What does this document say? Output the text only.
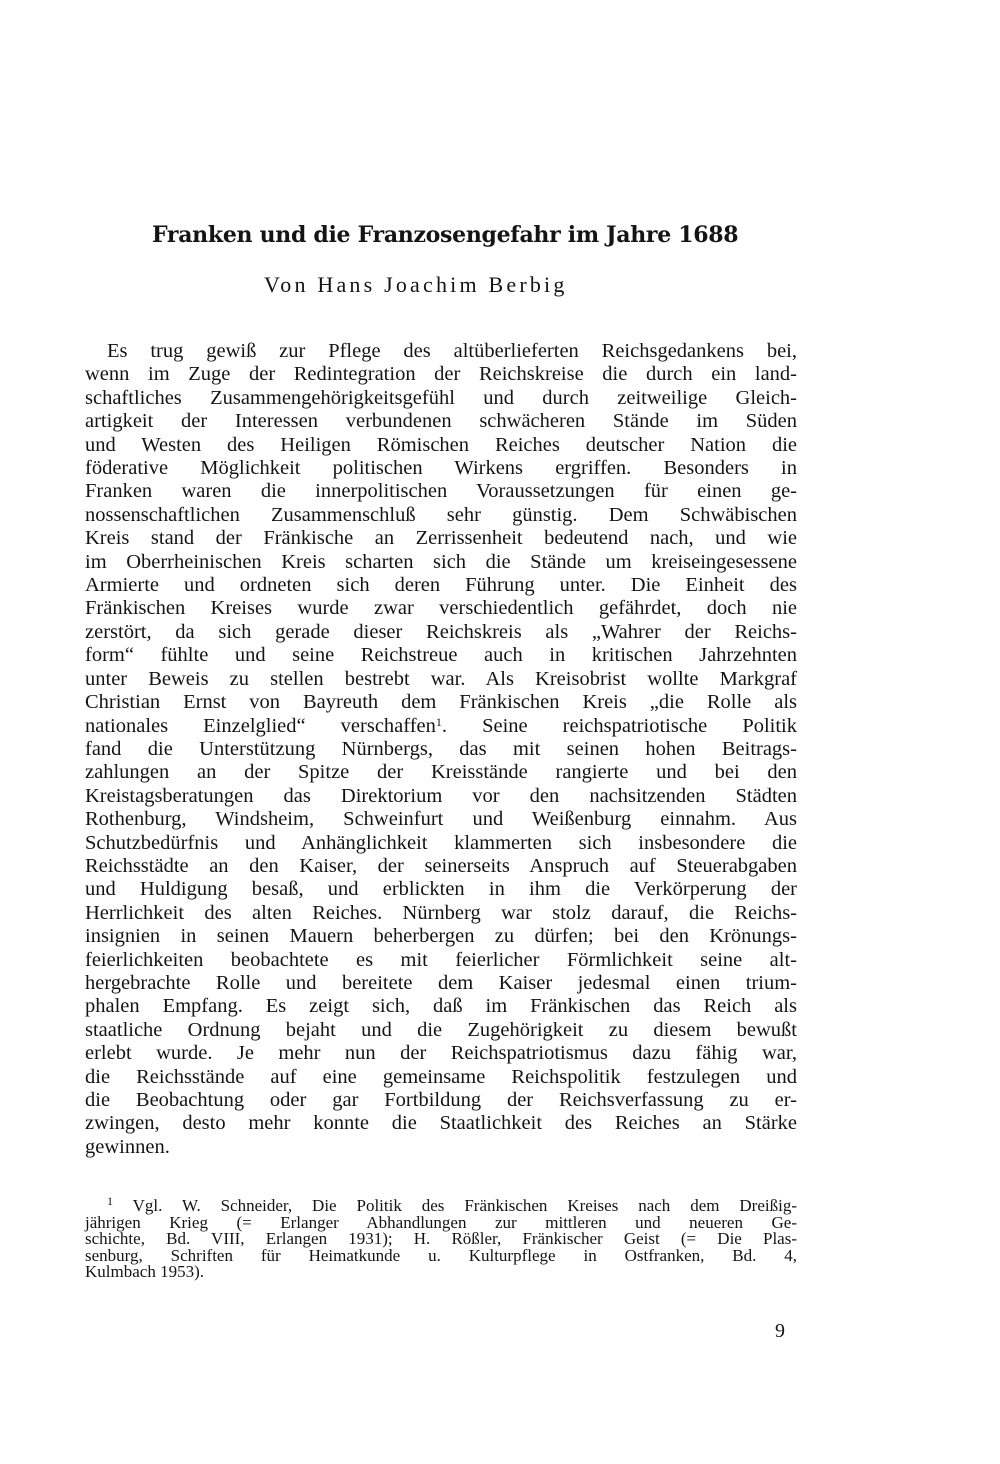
Franken und die Franzosengefahr im Jahre 1688

Von Hans Joachim Berbig

Es trug gewiß zur Pflege des altüberlieferten Reichsgedankens bei,
wenn im Zuge der Redintegration der Reichskreise die durch ein land-
schaftliches Zusammengehörigkeitsgefühl und durch zeitweilige Gleich-
artigkeit der Interessen verbundenen schwächeren Stände im Süden
und Westen des Heiligen Römischen Reiches deutscher Nation die
föderative Möglichkeit politischen Wirkens ergriffen. Besonders in
Franken waren die innerpolitischen Voraussetzungen für einen ge-
nossenschaftlichen Zusammenschluß sehr günstig. Dem Schwäbischen
Kreis stand der Fränkische an Zerrissenheit bedeutend nach, und wie
im Oberrheinischen Kreis scharten sich die Stände um kreiseingesessene
Armierte und ordneten sich deren Führung unter. Die Einheit des
Fränkischen Kreises wurde zwar verschiedentlich gefährdet, doch nie
zerstört, da sich gerade dieser Reichskreis als „Wahrer der Reichs-
form“ fühlte und seine Reichstreue auch in kritischen Jahrzehnten
unter Beweis zu stellen bestrebt war. Als Kreisobrist wollte Markgraf
Christian Ernst von Bayreuth dem Fränkischen Kreis „die Rolle als
nationales Einzelglied“ verschaffen$^1$. Seine reichspatriotische Politik
fand die Unterstützung Nürnbergs, das mit seinen hohen Beitrags-
zahlungen an der Spitze der Kreisstände rangierte und bei den
Kreistagsberatungen das Direktorium vor den nachsitzenden Städten
Rothenburg, Windsheim, Schweinfurt und Weißenburg einnahm. Aus
Schutzbedürfnis und Anhänglichkeit klammerten sich insbesondere die
Reichsstädte an den Kaiser, der seinerseits Anspruch auf Steuerabgaben
und Huldigung besaß, und erblickten in ihm die Verkörperung der
Herrlichkeit des alten Reiches. Nürnberg war stolz darauf, die Reichs-
insignien in seinen Mauern beherbergen zu dürfen; bei den Krönungs-
feierlichkeiten beobachtete es mit feierlicher Förmlichkeit seine alt-
hergebrachte Rolle und bereitete dem Kaiser jedesmal einen trium-
phalen Empfang. Es zeigt sich, daß im Fränkischen das Reich als
staatliche Ordnung bejaht und die Zugehörigkeit zu diesem bewußt
erlebt wurde. Je mehr nun der Reichspatriotismus dazu fähig war,
die Reichsstände auf eine gemeinsame Reichspolitik festzulegen und
die Beobachtung oder gar Fortbildung der Reichsverfassung zu er-
zwingen, desto mehr konnte die Staatlichkeit des Reiches an Stärke
gewinnen.
$^1$ Vgl. W. Schneider, Die Politik des Fränkischen Kreises nach dem Dreißig-
jährigen Krieg (= Erlanger Abhandlungen zur mittleren und neueren Ge-
schichte, Bd. VIII, Erlangen 1931); H. Rößler, Fränkischer Geist (= Die Plas-
senburg, Schriften für Heimatkunde u. Kulturpflege in Ostfranken, Bd. 4,
Kulmbach 1953).

9
